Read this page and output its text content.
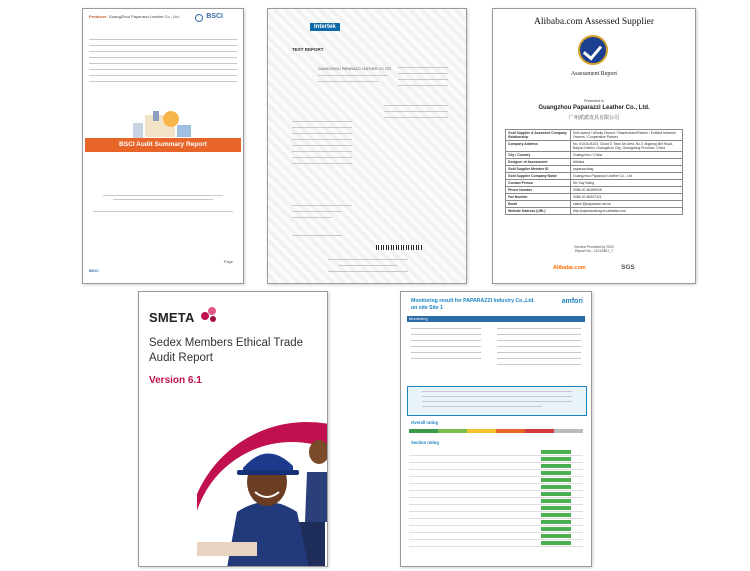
Producer GuangZhou Paparazzi Leather Co., Ltd.	BSCI
BSCI Audit Summary Report
BSCI
Page
Intertek
TEST REPORT
GUANGZHOU PAPARAZZI LEATHER CO LTD
Alibaba.com Assessed Supplier
Assessment Report
Presented to
Guangzhou Paparazzi Leather Co., Ltd.
广州派派皮具有限公司
Gold Supplier & Assessed Company Relationship	Self-owned / Wholly Owned / Shareholder/Partner / Entitled between Owners / Cooperative Partner
Company Address	No. 6102A-B103, Cloud D Town Art Area, No.3 Jingtong Bei Road, Baiyun District, Guangzhou City, Guangdong Province, China
City / Country	Guangzhou / China
Designer of Assessment	Alibaba
Gold Supplier Member ID	paparazzibag
Gold Supplier Company Name	Guangzhou Paparazzi Leather Co., Ltd.
Contact Person	Mr. Kay Wang
Phone Number	0086-20-86189928
Fax Number	0086-20-86337321
Email	sales7@paparazzi.net.cn
Website Address (URL)	http://paparazzibag.en.alibaba.com
Service Provided by SGS
Report No.: 11012567_7
Alibaba.com	SGS
SMETA
Sedex Members Ethical Trade Audit Report
Version 6.1
Monitoring result for PAPARAZZI Industry Co.,Ltd. on site Site 1
amfori
Monitoring
Overall rating
Section rating
